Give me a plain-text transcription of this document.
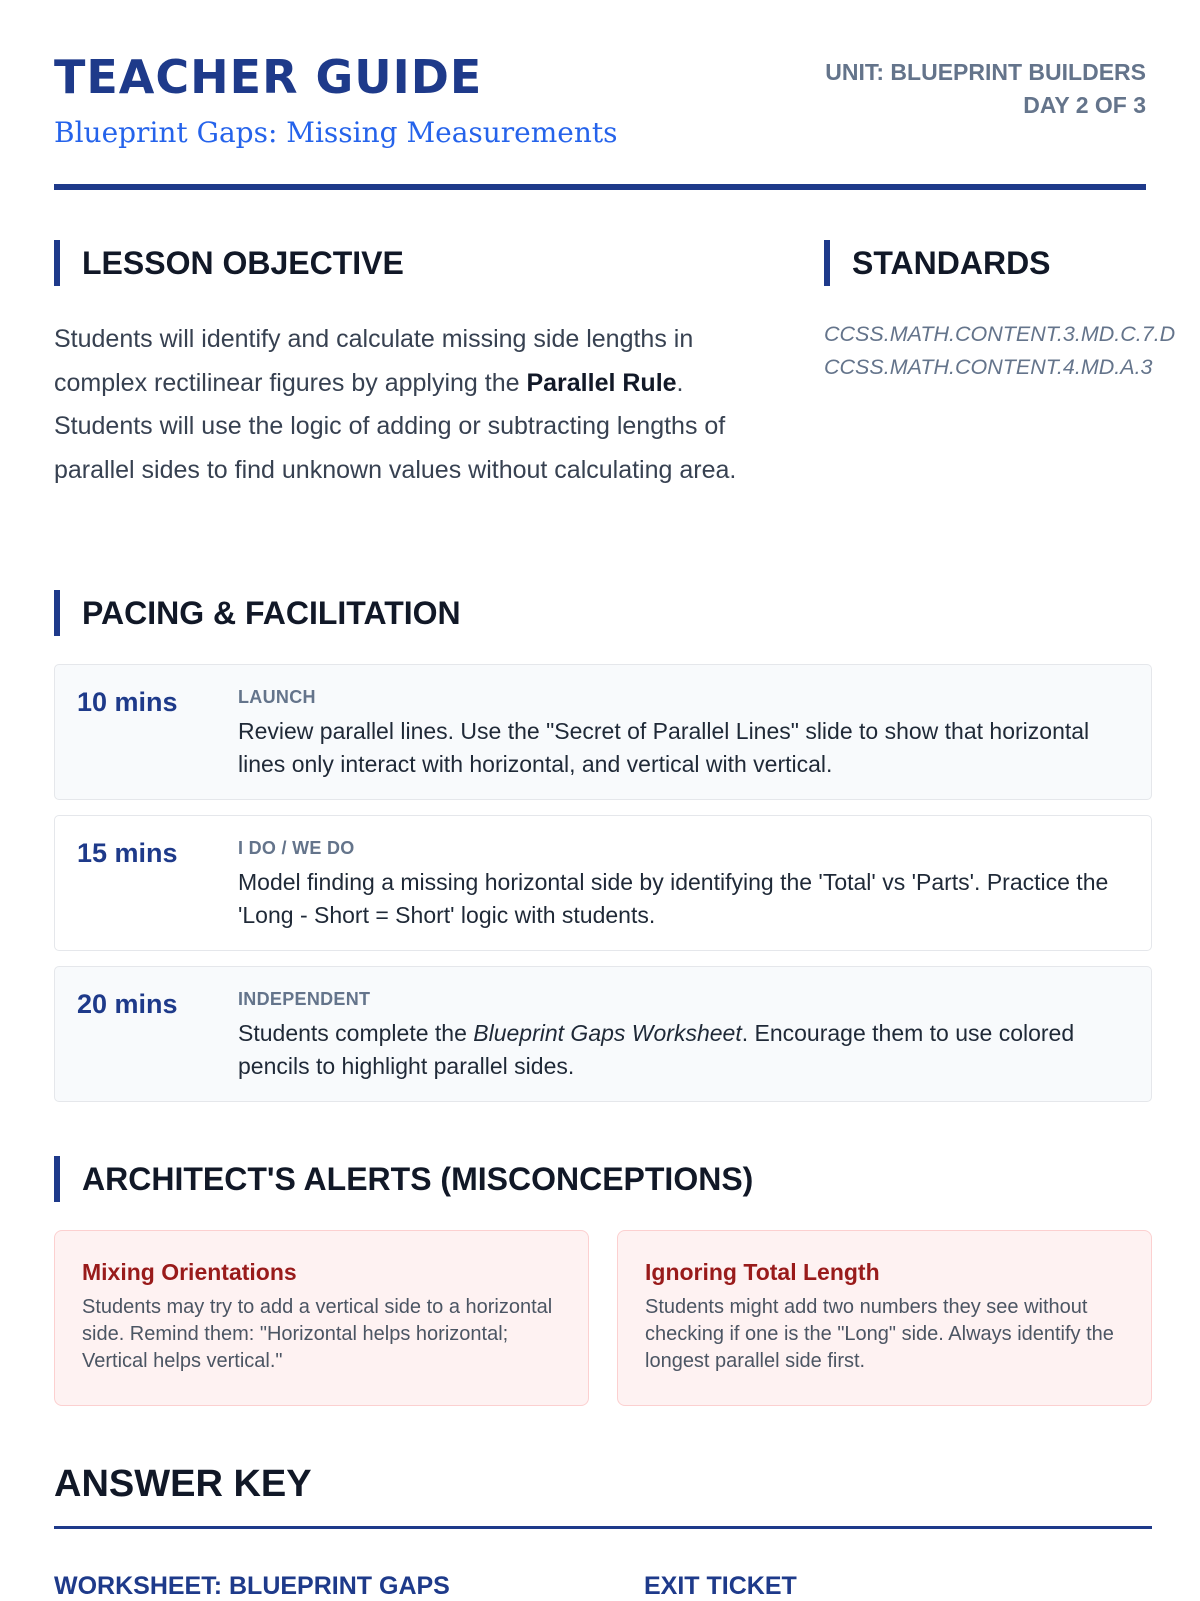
TEACHER GUIDE
Blueprint Gaps: Missing Measurements
UNIT: BLUEPRINT BUILDERS
DAY 2 OF 3
LESSON OBJECTIVE
Students will identify and calculate missing side lengths in complex rectilinear figures by applying the Parallel Rule. Students will use the logic of adding or subtracting lengths of parallel sides to find unknown values without calculating area.
STANDARDS
CCSS.MATH.CONTENT.3.MD.C.7.D
CCSS.MATH.CONTENT.4.MD.A.3
PACING & FACILITATION
10 mins	LAUNCH
Review parallel lines. Use the "Secret of Parallel Lines" slide to show that horizontal lines only interact with horizontal, and vertical with vertical.
15 mins	I DO / WE DO
Model finding a missing horizontal side by identifying the 'Total' vs 'Parts'. Practice the 'Long - Short = Short' logic with students.
20 mins	INDEPENDENT
Students complete the Blueprint Gaps Worksheet. Encourage them to use colored pencils to highlight parallel sides.
ARCHITECT'S ALERTS (MISCONCEPTIONS)
Mixing Orientations
Students may try to add a vertical side to a horizontal side. Remind them: "Horizontal helps horizontal; Vertical helps vertical."
Ignoring Total Length
Students might add two numbers they see without checking if one is the "Long" side. Always identify the longest parallel side first.
ANSWER KEY
WORKSHEET: BLUEPRINT GAPS	EXIT TICKET
